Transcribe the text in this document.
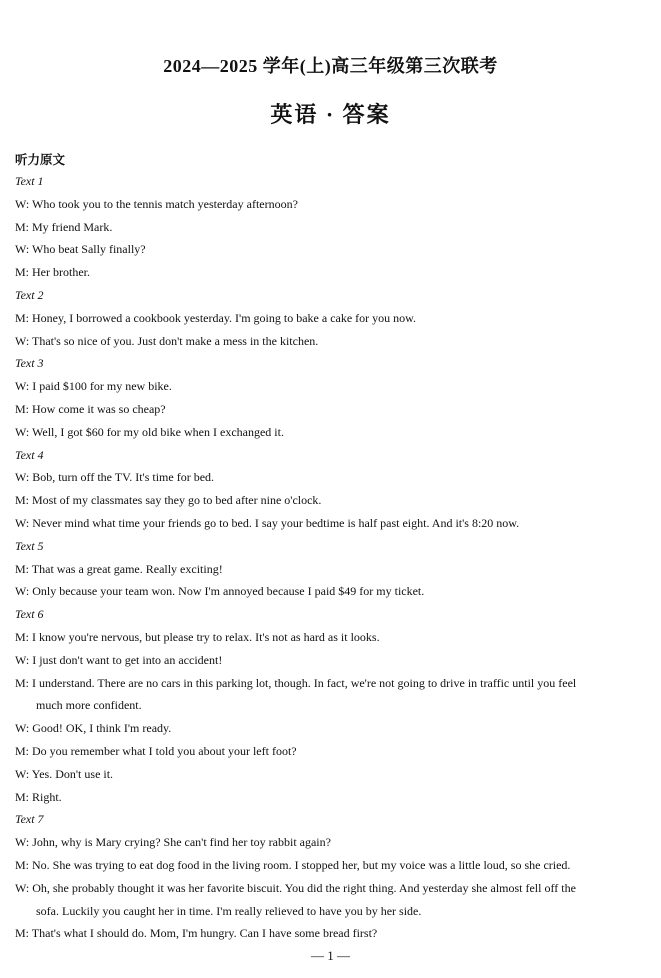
2024—2025 学年(上)高三年级第三次联考
英语 · 答案
听力原文
Text 1
W: Who took you to the tennis match yesterday afternoon?
M: My friend Mark.
W: Who beat Sally finally?
M: Her brother.
Text 2
M: Honey, I borrowed a cookbook yesterday. I'm going to bake a cake for you now.
W: That's so nice of you. Just don't make a mess in the kitchen.
Text 3
W: I paid $100 for my new bike.
M: How come it was so cheap?
W: Well, I got $60 for my old bike when I exchanged it.
Text 4
W: Bob, turn off the TV. It's time for bed.
M: Most of my classmates say they go to bed after nine o'clock.
W: Never mind what time your friends go to bed. I say your bedtime is half past eight. And it's 8:20 now.
Text 5
M: That was a great game. Really exciting!
W: Only because your team won. Now I'm annoyed because I paid $49 for my ticket.
Text 6
M: I know you're nervous, but please try to relax. It's not as hard as it looks.
W: I just don't want to get into an accident!
M: I understand. There are no cars in this parking lot, though. In fact, we're not going to drive in traffic until you feel
much more confident.
W: Good! OK, I think I'm ready.
M: Do you remember what I told you about your left foot?
W: Yes. Don't use it.
M: Right.
Text 7
W: John, why is Mary crying? She can't find her toy rabbit again?
M: No. She was trying to eat dog food in the living room. I stopped her, but my voice was a little loud, so she cried.
W: Oh, she probably thought it was her favorite biscuit. You did the right thing. And yesterday she almost fell off the
sofa. Luckily you caught her in time. I'm really relieved to have you by her side.
M: That's what I should do. Mom, I'm hungry. Can I have some bread first?
— 1 —
